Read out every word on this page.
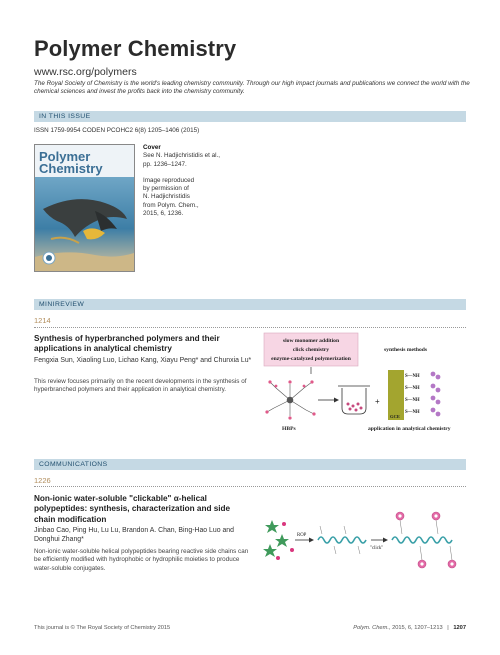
Polymer Chemistry
www.rsc.org/polymers
The Royal Society of Chemistry is the world's leading chemistry community. Through our high impact journals and publications we connect the world with the chemical sciences and invest the profits back into the chemistry community.
IN THIS ISSUE
ISSN 1759-9954 CODEN PCOHC2 6(8) 1205–1406 (2015)
Polymer
Chemistry
Cover
See N. Hadjichristidis et al.,
pp. 1236–1247.
Image reproduced
by permission of
N. Hadjichristidis
from Polym. Chem.,
2015, 6, 1236.
MINIREVIEW
1214
Synthesis of hyperbranched polymers and their applications in analytical chemistry
Fengxia Sun, Xiaoling Luo, Lichao Kang, Xiayu Peng* and Chunxia Lu*
This review focuses primarily on the recent developments in the synthesis of hyperbranched polymers and their application in analytical chemistry.
slow monomer addition
click chemistry
enzyme-catalyzed polymerization
synthesis methods
HBPs
+
GCE
S—NH
S—NH
S—NH
S—NH
application in analytical chemistry
COMMUNICATIONS
1226
Non-ionic water-soluble "clickable" α-helical polypeptides: synthesis, characterization and side chain modification
Jinbao Cao, Ping Hu, Lu Lu, Brandon A. Chan, Bing-Hao Luo and Donghui Zhang*
Non-ionic water-soluble helical polypeptides bearing reactive side chains can be efficiently modified with hydrophobic or hydrophilic moieties to produce water-soluble conjugates.
ROP
"click"
This journal is © The Royal Society of Chemistry 2015	Polym. Chem., 2015, 6, 1207–1213 | 1207
